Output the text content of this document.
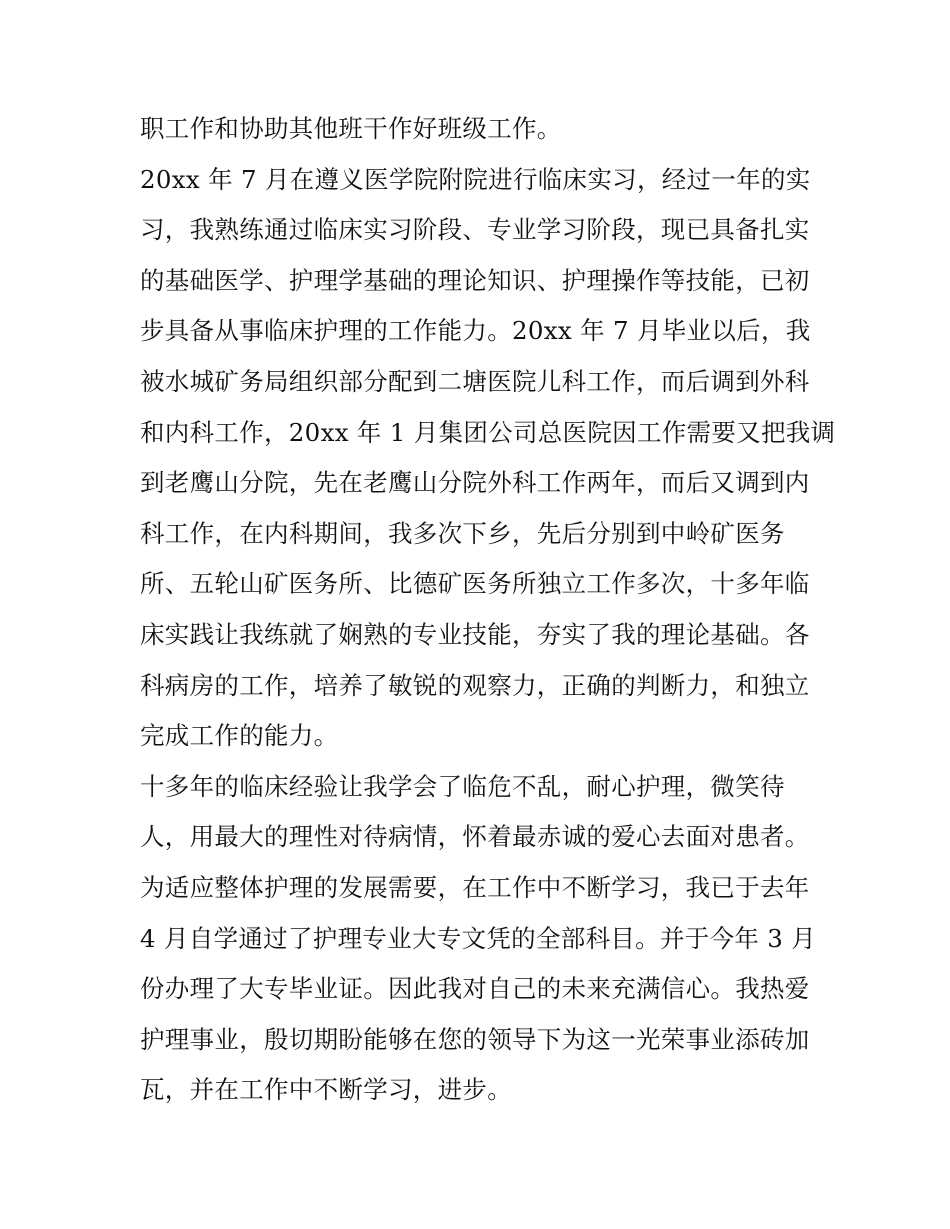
职工作和协助其他班干作好班级工作。
20xx 年 7 月在遵义医学院附院进行临床实习，经过一年的实
习，我熟练通过临床实习阶段、专业学习阶段，现已具备扎实
的基础医学、护理学基础的理论知识、护理操作等技能，已初
步具备从事临床护理的工作能力。20xx 年 7 月毕业以后，我
被水城矿务局组织部分配到二塘医院儿科工作，而后调到外科
和内科工作，20xx 年 1 月集团公司总医院因工作需要又把我调
到老鹰山分院，先在老鹰山分院外科工作两年，而后又调到内
科工作，在内科期间，我多次下乡，先后分别到中岭矿医务
所、五轮山矿医务所、比德矿医务所独立工作多次，十多年临
床实践让我练就了娴熟的专业技能，夯实了我的理论基础。各
科病房的工作，培养了敏锐的观察力，正确的判断力，和独立
完成工作的能力。
十多年的临床经验让我学会了临危不乱，耐心护理，微笑待
人，用最大的理性对待病情，怀着最赤诚的爱心去面对患者。
为适应整体护理的发展需要，在工作中不断学习，我已于去年
4 月自学通过了护理专业大专文凭的全部科目。并于今年 3 月
份办理了大专毕业证。因此我对自己的未来充满信心。我热爱
护理事业，殷切期盼能够在您的领导下为这一光荣事业添砖加
瓦，并在工作中不断学习，进步。
